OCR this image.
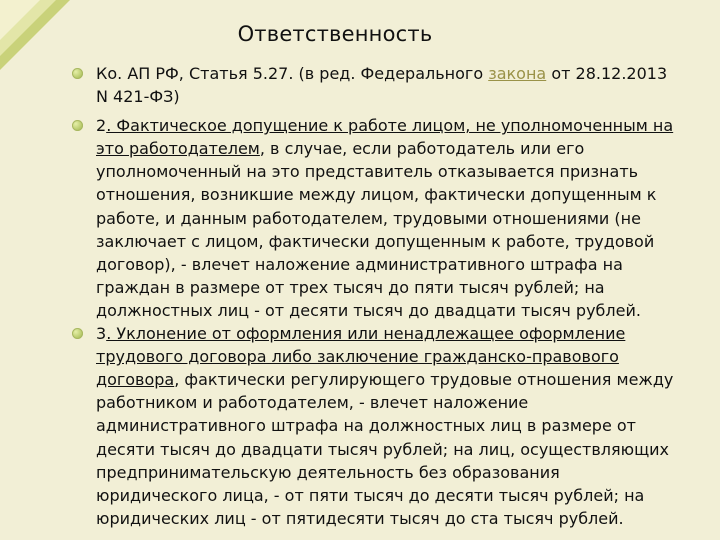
Ответственность
Ко. АП РФ, Статья 5.27. (в ред. Федерального закона от 28.12.2013 N 421-ФЗ)
2. Фактическое допущение к работе лицом, не уполномоченным на это работодателем, в случае, если работодатель или его уполномоченный на это представитель отказывается признать отношения, возникшие между лицом, фактически допущенным к работе, и данным работодателем, трудовыми отношениями (не заключает с лицом, фактически допущенным к работе, трудовой договор), - влечет наложение административного штрафа на граждан в размере от трех тысяч до пяти тысяч рублей; на должностных лиц - от десяти тысяч до двадцати тысяч рублей.
3. Уклонение от оформления или ненадлежащее оформление трудового договора либо заключение гражданско-правового договора, фактически регулирующего трудовые отношения между работником и работодателем, - влечет наложение административного штрафа на должностных лиц в размере от десяти тысяч до двадцати тысяч рублей; на лиц, осуществляющих предпринимательскую деятельность без образования юридического лица, - от пяти тысяч до десяти тысяч рублей; на юридических лиц - от пятидесяти тысяч до ста тысяч рублей.
